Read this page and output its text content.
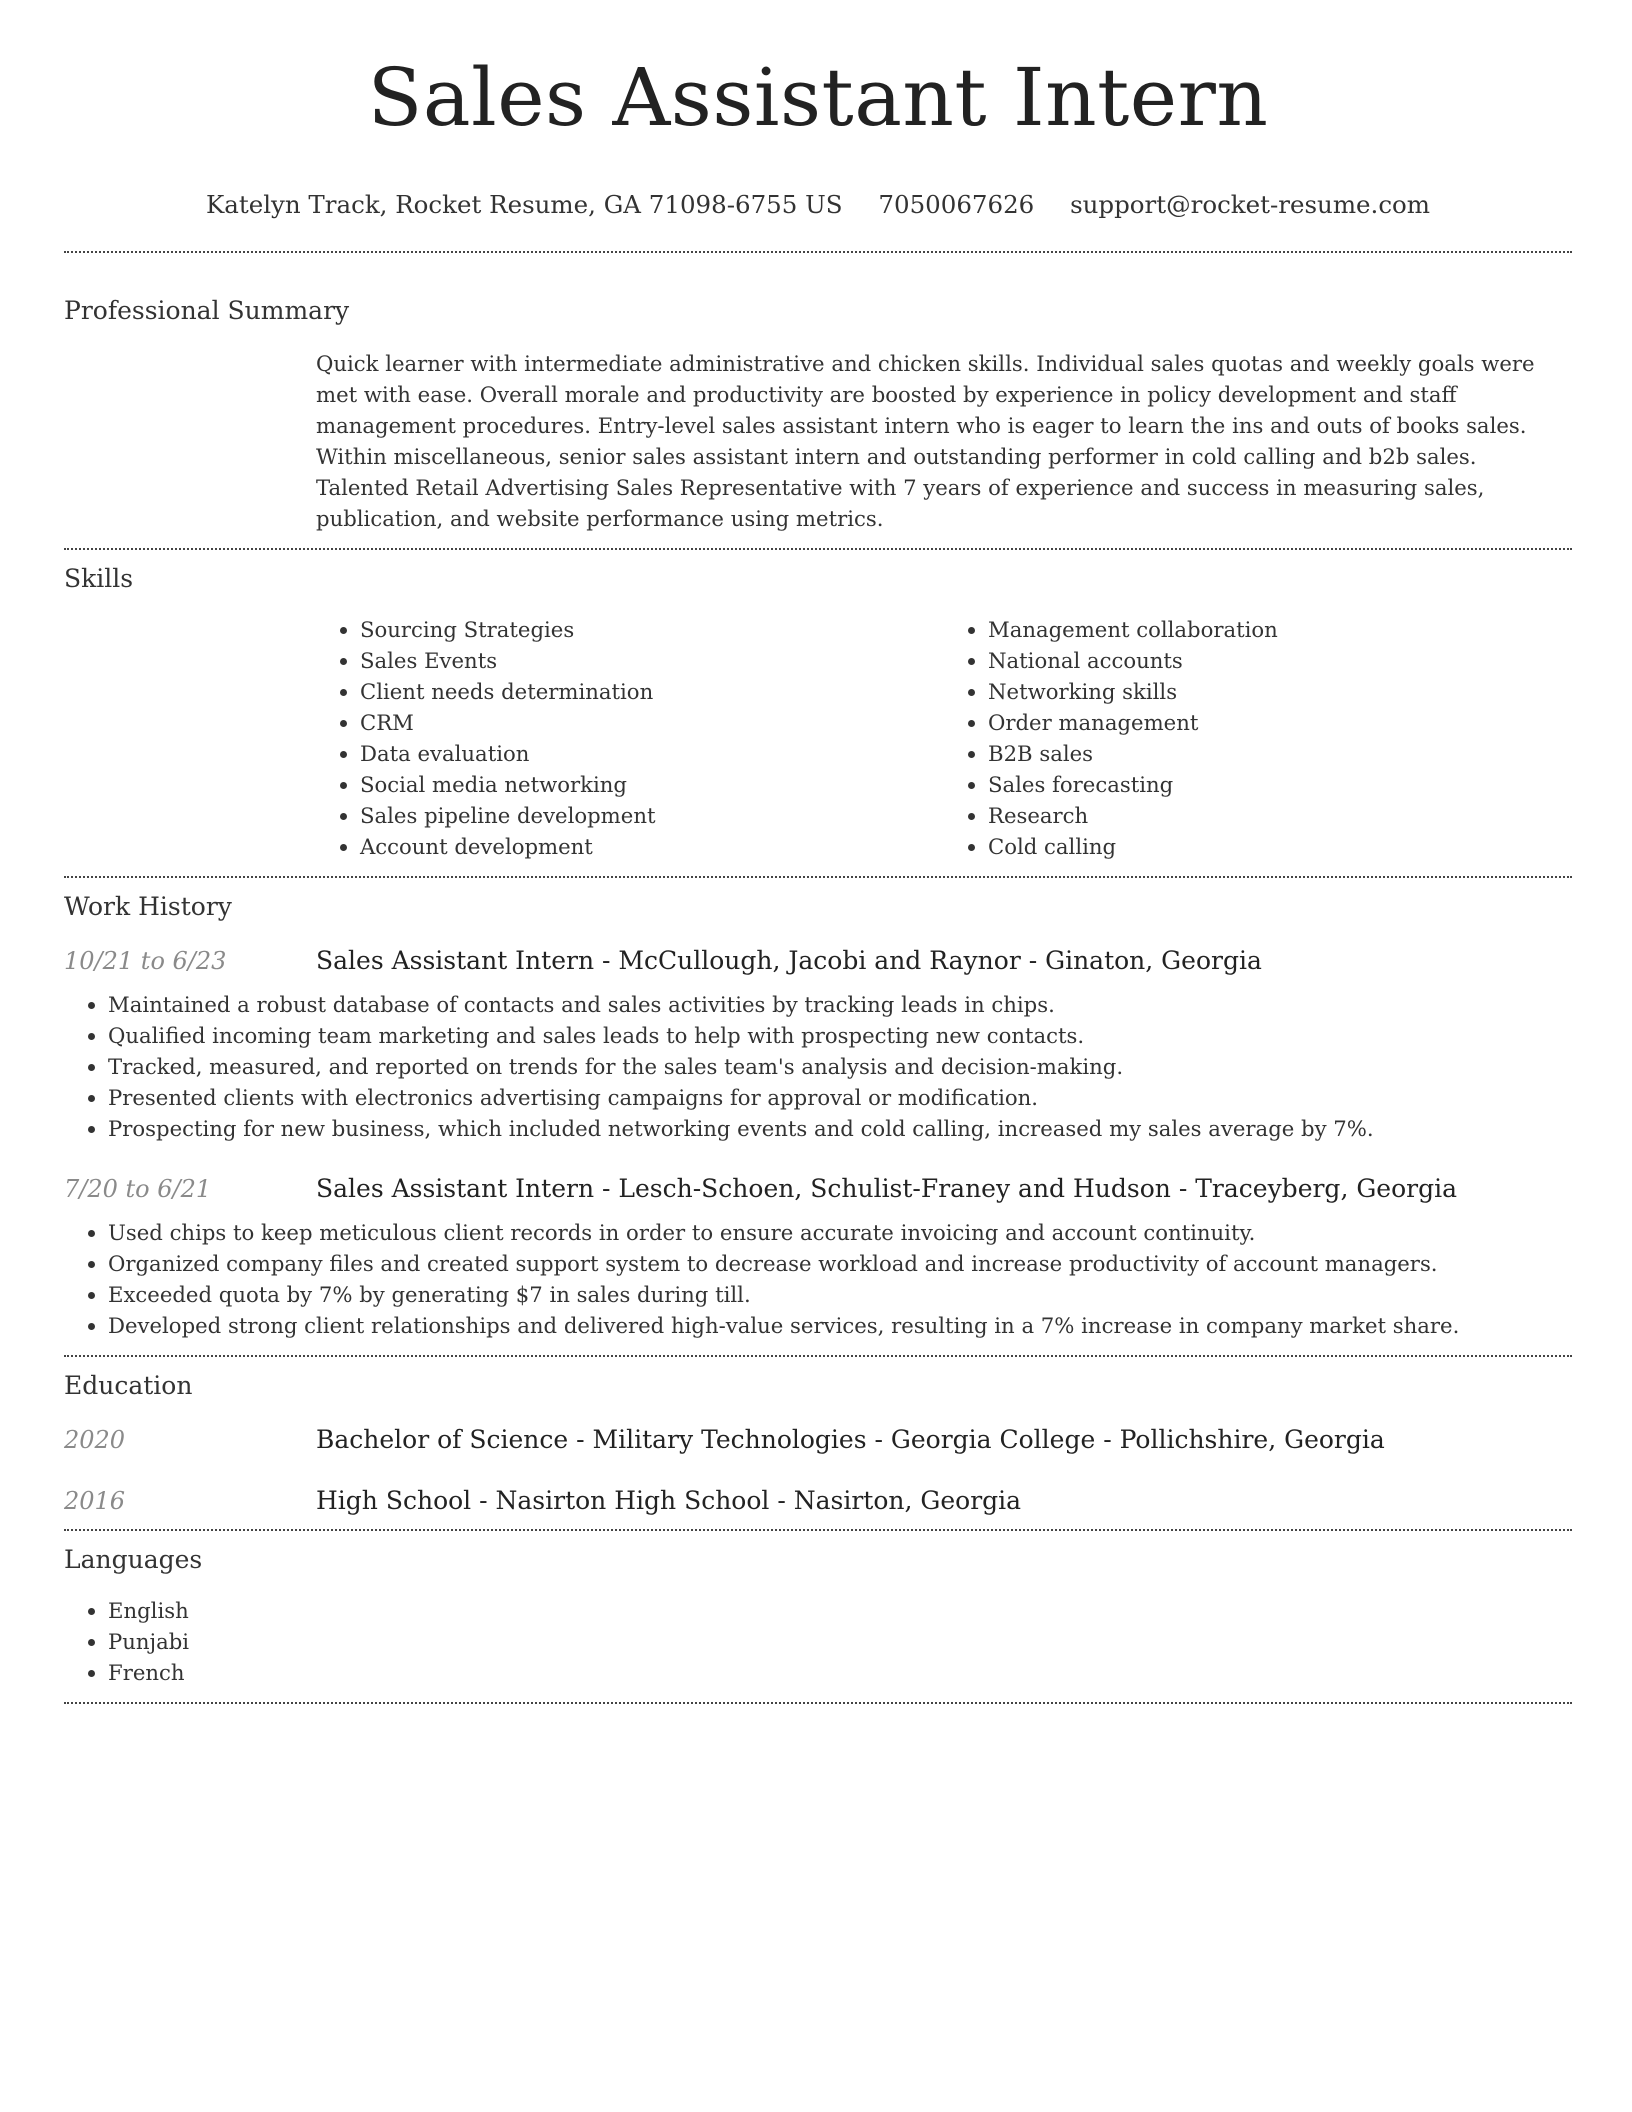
Sales Assistant Intern
Katelyn Track, Rocket Resume, GA 71098-6755 US 7050067626 support@rocket-resume.com
Professional Summary

Quick learner with intermediate administrative and chicken skills. Individual sales quotas and weekly goals were met with ease. Overall morale and productivity are boosted by experience in policy development and staff management procedures. Entry-level sales assistant intern who is eager to learn the ins and outs of books sales. Within miscellaneous, senior sales assistant intern and outstanding performer in cold calling and b2b sales. Talented Retail Advertising Sales Representative with 7 years of experience and success in measuring sales, publication, and website performance using metrics.

Skills
• Sourcing Strategies
• Sales Events
• Client needs determination
• CRM
• Data evaluation
• Social media networking
• Sales pipeline development
• Account development
• Management collaboration
• National accounts
• Networking skills
• Order management
• B2B sales
• Sales forecasting
• Research
• Cold calling
Work History
10/21 to 6/23	Sales Assistant Intern - McCullough, Jacobi and Raynor - Ginaton, Georgia
• Maintained a robust database of contacts and sales activities by tracking leads in chips.
• Qualified incoming team marketing and sales leads to help with prospecting new contacts.
• Tracked, measured, and reported on trends for the sales team's analysis and decision-making.
• Presented clients with electronics advertising campaigns for approval or modification.
• Prospecting for new business, which included networking events and cold calling, increased my sales average by 7%.
7/20 to 6/21	Sales Assistant Intern - Lesch-Schoen, Schulist-Franey and Hudson - Traceyberg, Georgia
• Used chips to keep meticulous client records in order to ensure accurate invoicing and account continuity.
• Organized company files and created support system to decrease workload and increase productivity of account managers.
• Exceeded quota by 7% by generating $7 in sales during till.
• Developed strong client relationships and delivered high-value services, resulting in a 7% increase in company market share.
Education
2020	Bachelor of Science - Military Technologies - Georgia College - Pollichshire, Georgia
2016	High School - Nasirton High School - Nasirton, Georgia
Languages
• English
• Punjabi
• French
